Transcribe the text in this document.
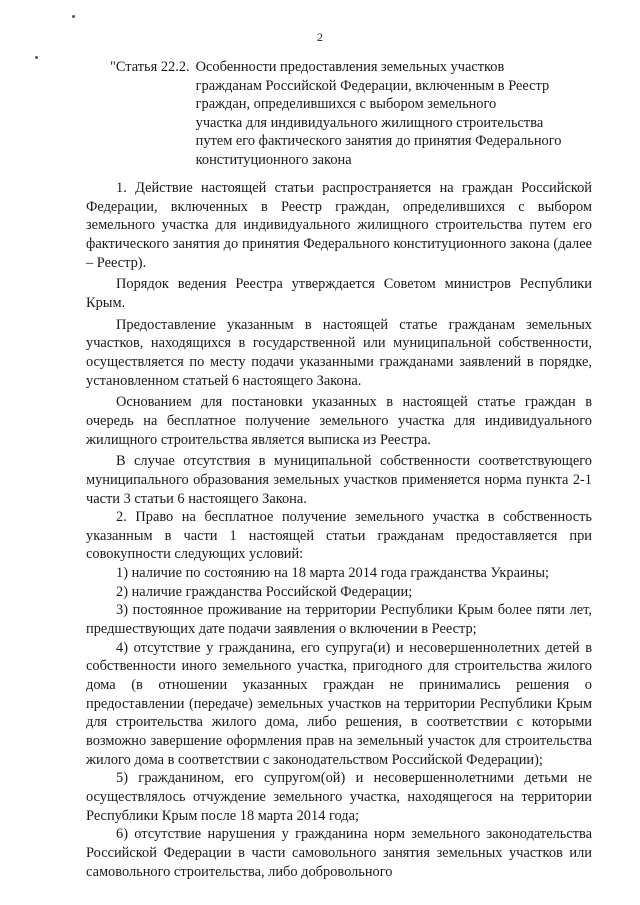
2
"Статья 22.2. Особенности предоставления земельных участков
гражданам Российской Федерации, включенным в Реестр
граждан, определившихся с выбором земельного
участка для индивидуального жилищного строительства
путем его фактического занятия до принятия Федерального
конституционного закона

1. Действие настоящей статьи распространяется на граждан Российской Федерации, включенных в Реестр граждан, определившихся с выбором земельного участка для индивидуального жилищного строительства путем его фактического занятия до принятия Федерального конституционного закона (далее – Реестр).

Порядок ведения Реестра утверждается Советом министров Республики Крым.

Предоставление указанным в настоящей статье гражданам земельных участков, находящихся в государственной или муниципальной собственности, осуществляется по месту подачи указанными гражданами заявлений в порядке, установленном статьей 6 настоящего Закона.

Основанием для постановки указанных в настоящей статье граждан в очередь на бесплатное получение земельного участка для индивидуального жилищного строительства является выписка из Реестра.

В случае отсутствия в муниципальной собственности соответствующего муниципального образования земельных участков применяется норма пункта 2-1 части 3 статьи 6 настоящего Закона.

2. Право на бесплатное получение земельного участка в собственность указанным в части 1 настоящей статьи гражданам предоставляется при совокупности следующих условий:

1) наличие по состоянию на 18 марта 2014 года гражданства Украины;

2) наличие гражданства Российской Федерации;

3) постоянное проживание на территории Республики Крым более пяти лет, предшествующих дате подачи заявления о включении в Реестр;

4) отсутствие у гражданина, его супруга(и) и несовершеннолетних детей в собственности иного земельного участка, пригодного для строительства жилого дома (в отношении указанных граждан не принимались решения о предоставлении (передаче) земельных участков на территории Республики Крым для строительства жилого дома, либо решения, в соответствии с которыми возможно завершение оформления прав на земельный участок для строительства жилого дома в соответствии с законодательством Российской Федерации);

5) гражданином, его супругом(ой) и несовершеннолетними детьми не осуществлялось отчуждение земельного участка, находящегося на территории Республики Крым после 18 марта 2014 года;

6) отсутствие нарушения у гражданина норм земельного законодательства Российской Федерации в части самовольного занятия земельных участков или самовольного строительства, либо добровольного
